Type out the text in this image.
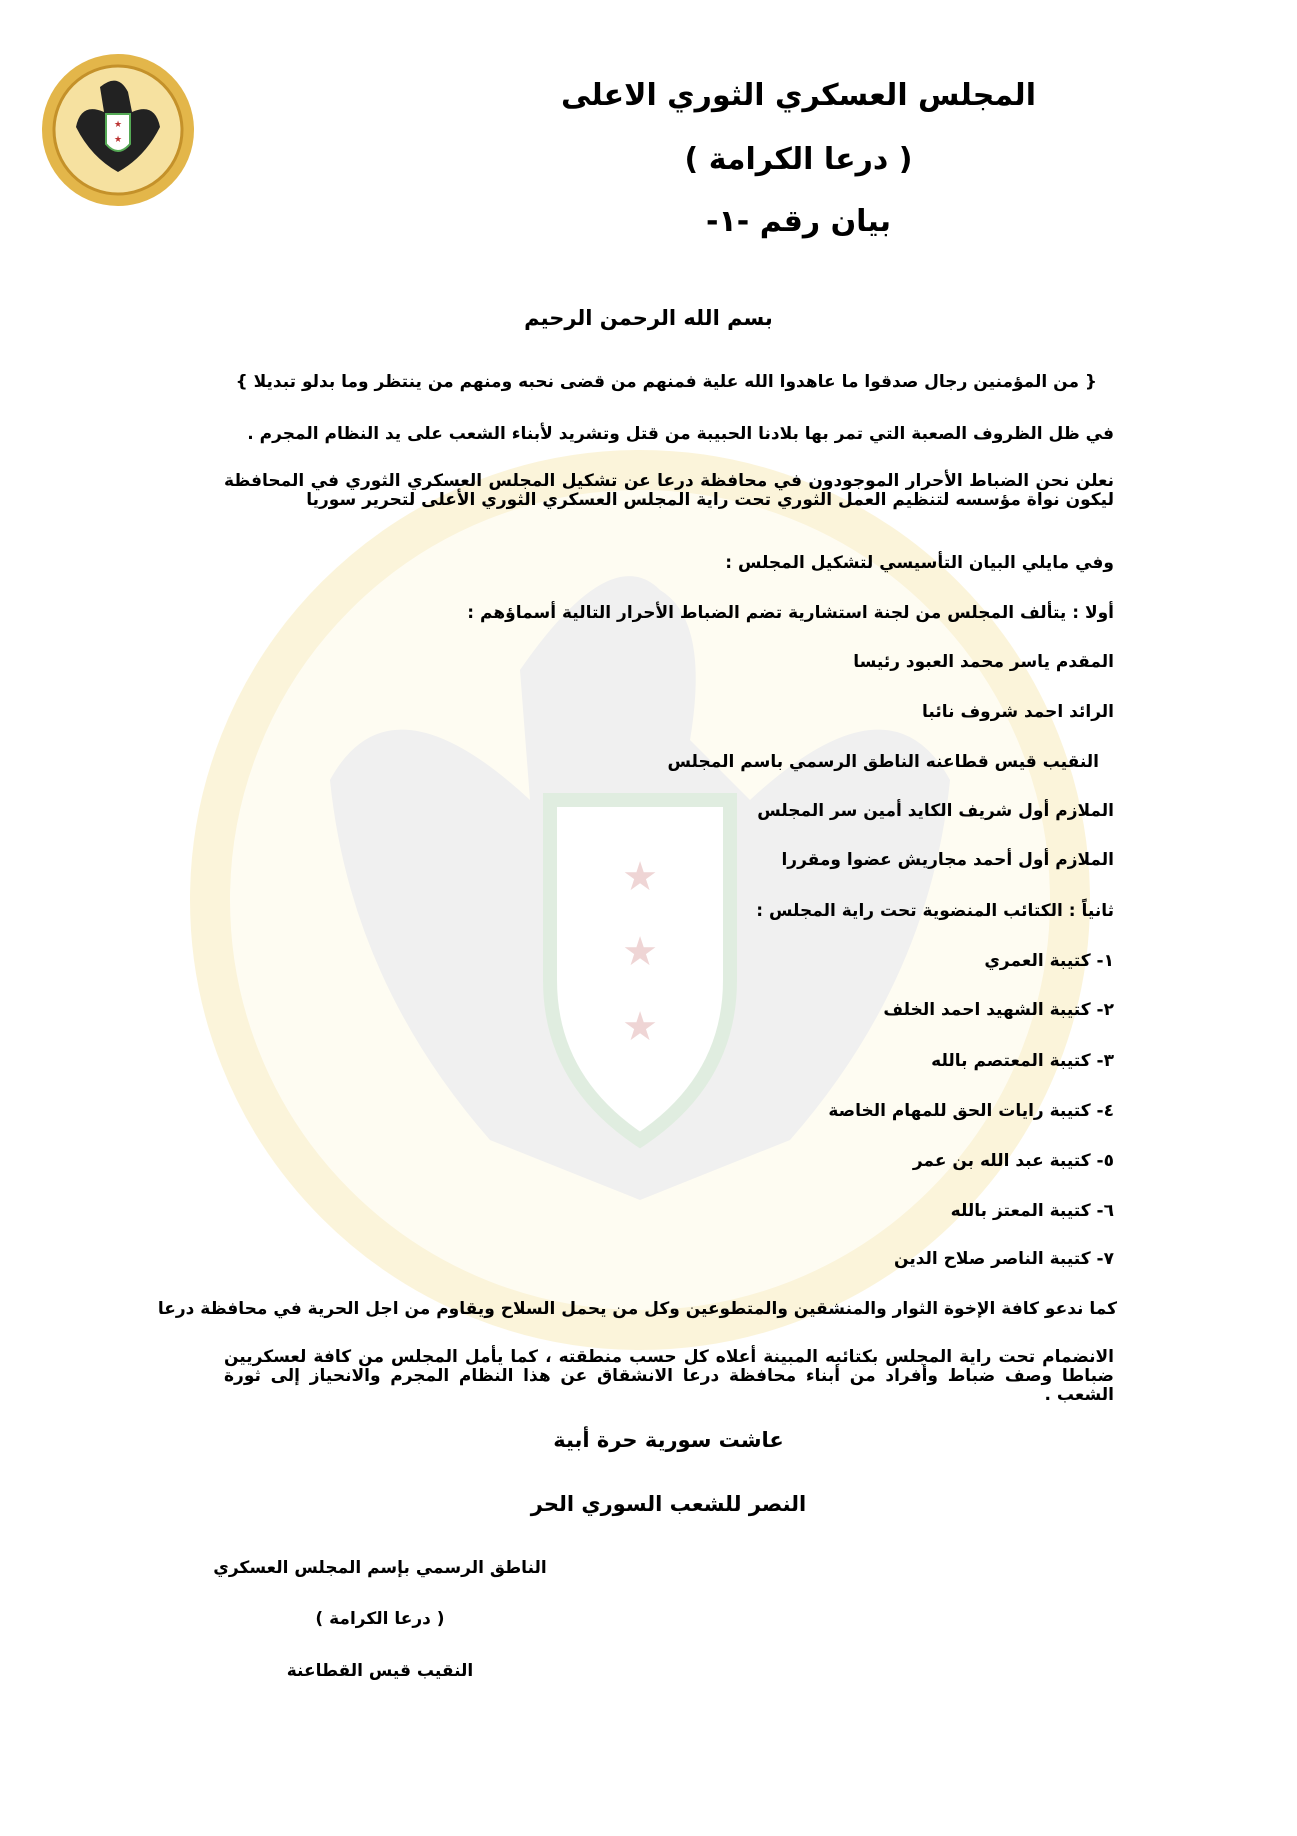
★
★
★
★
★
المجلس العسكري الثوري الاعلى
( درعا الكرامة )
بيان رقم -١-
بسم الله الرحمن الرحيم
{ من المؤمنين رجال صدقوا ما عاهدوا الله علية فمنهم من قضى نحبه ومنهم من ينتظر وما بدلو تبديلا }
في ظل الظروف الصعبة التي تمر بها بلادنا الحبيبة من قتل وتشريد لأبناء الشعب على يد النظام المجرم .
نعلن نحن الضباط الأحرار الموجودون في محافظة درعا عن تشكيل المجلس العسكري الثوري في المحافظة ليكون نواة مؤسسه لتنظيم العمل الثوري تحت راية المجلس العسكري الثوري الأعلى لتحرير سوريا
وفي مايلي البيان التأسيسي لتشكيل المجلس :
أولا : يتألف المجلس من لجنة استشارية تضم الضباط الأحرار التالية أسماؤهم :
المقدم ياسر محمد العبود رئيسا
الرائد احمد شروف نائبا
النقيب قيس قطاعنه الناطق الرسمي باسم المجلس
الملازم أول شريف الكايد أمين سر المجلس
الملازم أول أحمد مجاريش عضوا ومقررا
ثانياً : الكتائب المنضوية تحت راية المجلس :
١- كتيبة العمري
٢- كتيبة الشهيد احمد الخلف
٣- كتيبة المعتصم بالله
٤- كتيبة رايات الحق للمهام الخاصة
٥- كتيبة عبد الله بن عمر
٦- كتيبة المعتز بالله
٧- كتيبة الناصر صلاح الدين
كما ندعو كافة الإخوة الثوار والمنشقين والمتطوعين وكل من يحمل السلاح ويقاوم من اجل الحرية في محافظة درعا
الانضمام تحت راية المجلس بكتائبه المبينة أعلاه كل حسب منطقته ، كما يأمل المجلس من كافة لعسكريين ضباطا وصف ضباط وأفراد من أبناء محافظة درعا الانشقاق عن هذا النظام المجرم والانحياز إلى ثورة الشعب .
عاشت سورية حرة أبية
النصر للشعب السوري الحر
الناطق الرسمي بإسم المجلس العسكري
( درعا الكرامة )
النقيب قيس القطاعنة
